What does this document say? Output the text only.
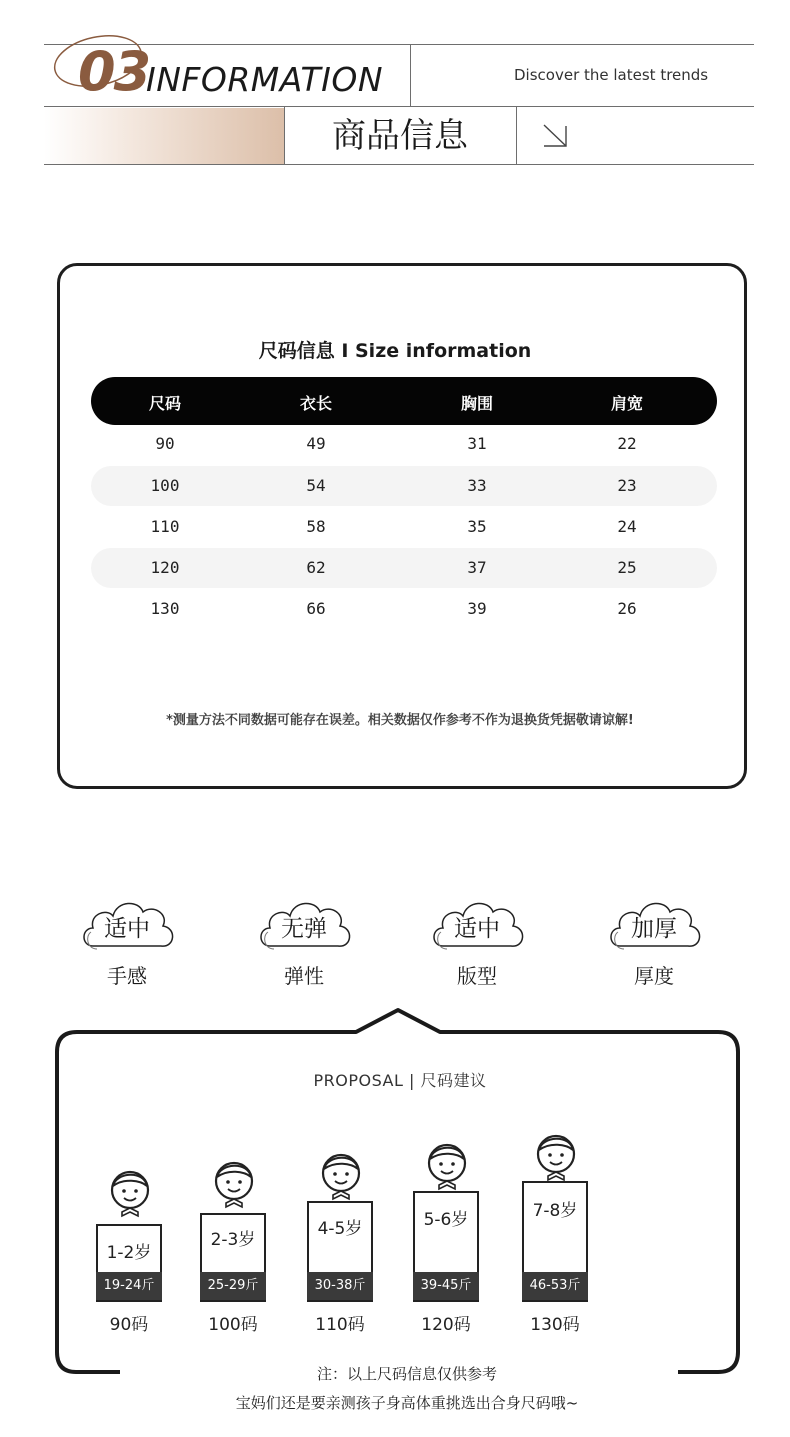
03
INFORMATION	Discover the latest trends
商品信息
尺码信息 I Size information
尺码	衣长	胸围	肩宽
90	49	31	22
100	54	33	23
110	58	35	24
120	62	37	25
130	66	39	26
*测量方法不同数据可能存在误差。相关数据仅作参考不作为退换货凭据敬请谅解!
适中
手感
无弹
弹性
适中
版型
加厚
厚度
PROPOSAL | 尺码建议
1-2岁
19-24斤
90码
2-3岁
25-29斤
100码
4-5岁
30-38斤
110码
5-6岁
39-45斤
120码
7-8岁
46-53斤
130码
注：以上尺码信息仅供参考
宝妈们还是要亲测孩子身高体重挑选出合身尺码哦~
